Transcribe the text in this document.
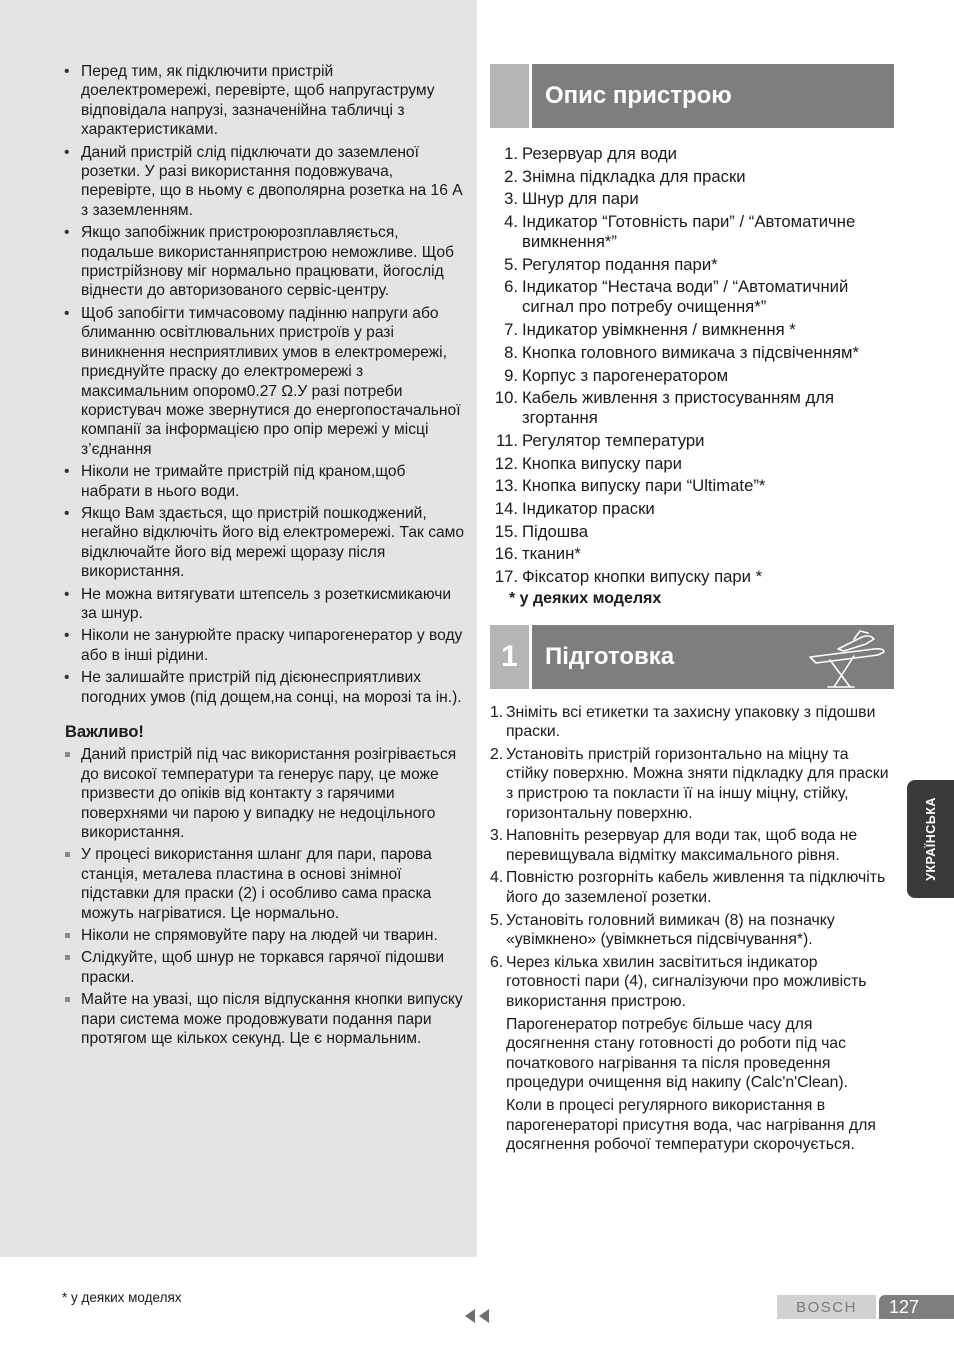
• Перед тим, як підключити пристрій доелектромережі, перевірте, щоб напругаструму відповідала напрузі, зазначенійна табличці з характеристиками.
• Даний пристрій слід підключати до заземленої розетки. У разі використання подовжувача, перевірте, що в ньому є двополярна розетка на 16 А з заземленням.
• Якщо запобіжник пристроюрозплавляється, подальше використанняпристрою неможливе. Щоб пристрійзнову міг нормально працювати, йогослід віднести до авторизованого сервіс-центру.
• Щоб запобігти тимчасовому падінню напруги або блиманню освітлювальних пристроїв у разі виникнення несприятливих умов в електромережі, приєднуйте праску до електромережі з максимальним опором0.27 Ω.У разі потреби користувач може звернутися до енергопостачальної компанії за інформацією про опір мережі у місці з’єднання
• Ніколи не тримайте пристрій під краном,щоб набрати в нього води.
• Якщо Вам здається, що пристрій пошкоджений, негайно відключіть його від електромережі. Так само відключайте його від мережі щоразу після використання.
• Не можна витягувати штепсель з розеткисмикаючи за шнур.
• Ніколи не занурюйте праску чипарогенератор у воду або в інші рідини.
• Не залишайте пристрій під дієюнесприятливих погодних умов (під дощем,на сонці, на морозі та ін.).
Важливо!
Даний пристрій під час використання розігрівається до високої температури та генерує пару, це може призвести до опіків від контакту з гарячими поверхнями чи парою у випадку не недоцільного використання.
У процесі використання шланг для пари, парова станція, металева пластина в основі знімної підставки для праски (2) і особливо сама праска можуть нагріватися. Це нормально.
Ніколи не спрямовуйте пару на людей чи тварин.
Слідкуйте, щоб шнур не торкався гарячої підошви праски.
Майте на увазі, що після відпускання кнопки випуску пари система може продовжувати подання пари протягом ще кількох секунд. Це є нормальним.
Опис пристрою
1. Резервуар для води
2. Знімна підкладка для праски
3. Шнур для пари
4. Індикатор “Готовність пари” / “Автоматичне вимкнення*”
5. Регулятор подання пари*
6. Індикатор “Нестача води” / “Автоматичний сигнал про потребу очищення*”
7. Індикатор увімкнення / вимкнення *
8. Кнопка головного вимикача з підсвіченням*
9. Корпус з парогенератором
10. Кабель живлення з пристосуванням для згортання
11. Регулятор температури
12. Кнопка випуску пари
13. Кнопка випуску пари “Ultimate”*
14. Індикатор праски
15. Підошва
16. тканин*
17. Фіксатор кнопки випуску пари *
* у деяких моделях
1	Підготовка
1. Зніміть всі етикетки та захисну упаковку з підошви праски.
2. Установіть пристрій горизонтально на міцну та стійку поверхню. Можна зняти підкладку для праски з пристрою та покласти її на іншу міцну, стійку, горизонтальну поверхню.
3. Наповніть резервуар для води так, щоб вода не перевищувала відмітку максимального рівня.
4. Повністю розгорніть кабель живлення та підключіть його до заземленої розетки.
5. Установіть головний вимикач (8) на позначку «увімкнено» (увімкнеться підсвічування*).
6. Через кілька хвилин засвітиться індикатор готовності пари (4), сигналізуючи про можливість використання пристрою.
Парогенератор потребує більше часу для досягнення стану готовності до роботи під час початкового нагрівання та після проведення процедури очищення від накипу (Calc'n'Clean).
Коли в процесі регулярного використання в парогенераторі присутня вода, час нагрівання для досягнення робочої температури скорочується.
УКРАЇНСЬКА
* у деяких моделях
BOSCH	127
